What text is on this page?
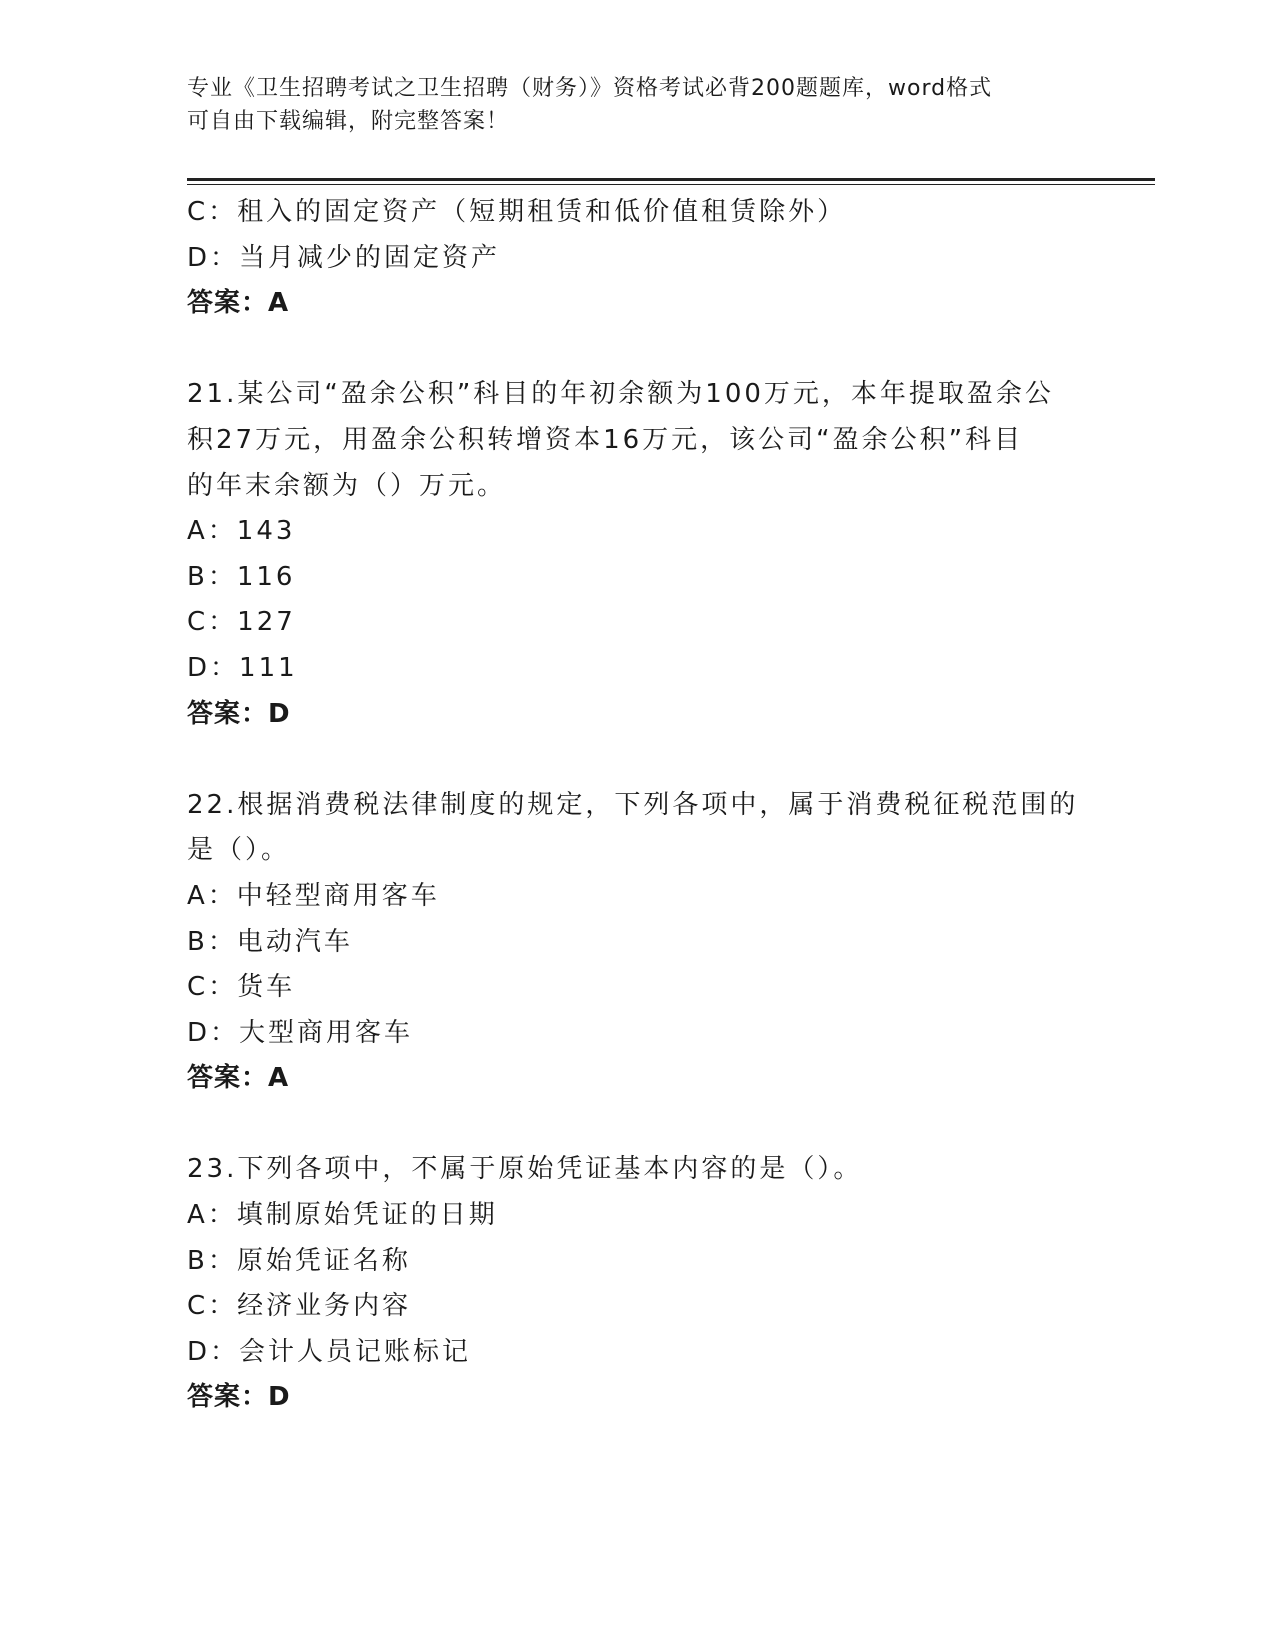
专业《卫生招聘考试之卫生招聘（财务）》资格考试必背200题题库，word格式
可自由下载编辑，附完整答案！
C：租入的固定资产（短期租赁和低价值租赁除外）
D：当月减少的固定资产
答案：A
21.某公司“盈余公积”科目的年初余额为100万元，本年提取盈余公
积27万元，用盈余公积转增资本16万元，该公司“盈余公积”科目
的年末余额为（）万元。
A：143
B：116
C：127
D：111
答案：D
22.根据消费税法律制度的规定，下列各项中，属于消费税征税范围的
是（）。
A：中轻型商用客车
B：电动汽车
C：货车
D：大型商用客车
答案：A
23.下列各项中，不属于原始凭证基本内容的是（）。
A：填制原始凭证的日期
B：原始凭证名称
C：经济业务内容
D：会计人员记账标记
答案：D
